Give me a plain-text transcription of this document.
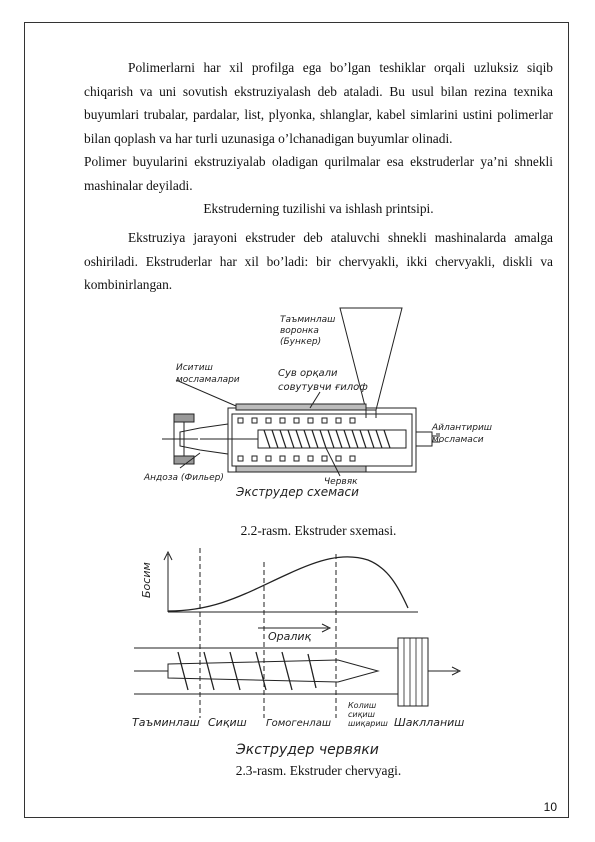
Polimerlarni har xil profilga ega bo’lgan teshiklar orqali uzluksiz siqib chiqarish va uni sovutish ekstruziyalash deb ataladi. Bu usul bilan rezina texnika buyumlari trubalar, pardalar, list, plyonka, shlanglar, kabel simlarini ustini polimerlar bilan qoplash va har turli uzunasiga o’lchanadigan buyumlar olinadi.
Polimer buyularini ekstruziyalab oladigan qurilmalar esa ekstruderlar ya’ni shnekli mashinalar deyiladi.
Ekstruderning tuzilishi va ishlash printsipi.
Ekstruziya jarayoni ekstruder deb ataluvchi shnekli mashinalarda amalga oshiriladi. Ekstruderlar har xil bo’ladi: bir chervyakli, ikki chervyakli, diskli va kombinirlangan.
Таъминлаш
воронка
(Бункер)
Иситиш
мосламалари
Сув орқали
совутувчи ғилоф
Айлантириш
мосламаси
Андоза (Фильер)	Червяк
Экструдер схемаси
2.2-rasm. Ekstruder sxemasi.
Босим
Оралиқ
Таъминлаш Сиқиш Гомогенлаш
Колиш
сиқиш
шиқариш Шаклланиш
Экструдер червяки
2.3-rasm. Ekstruder chervyagi.
10
